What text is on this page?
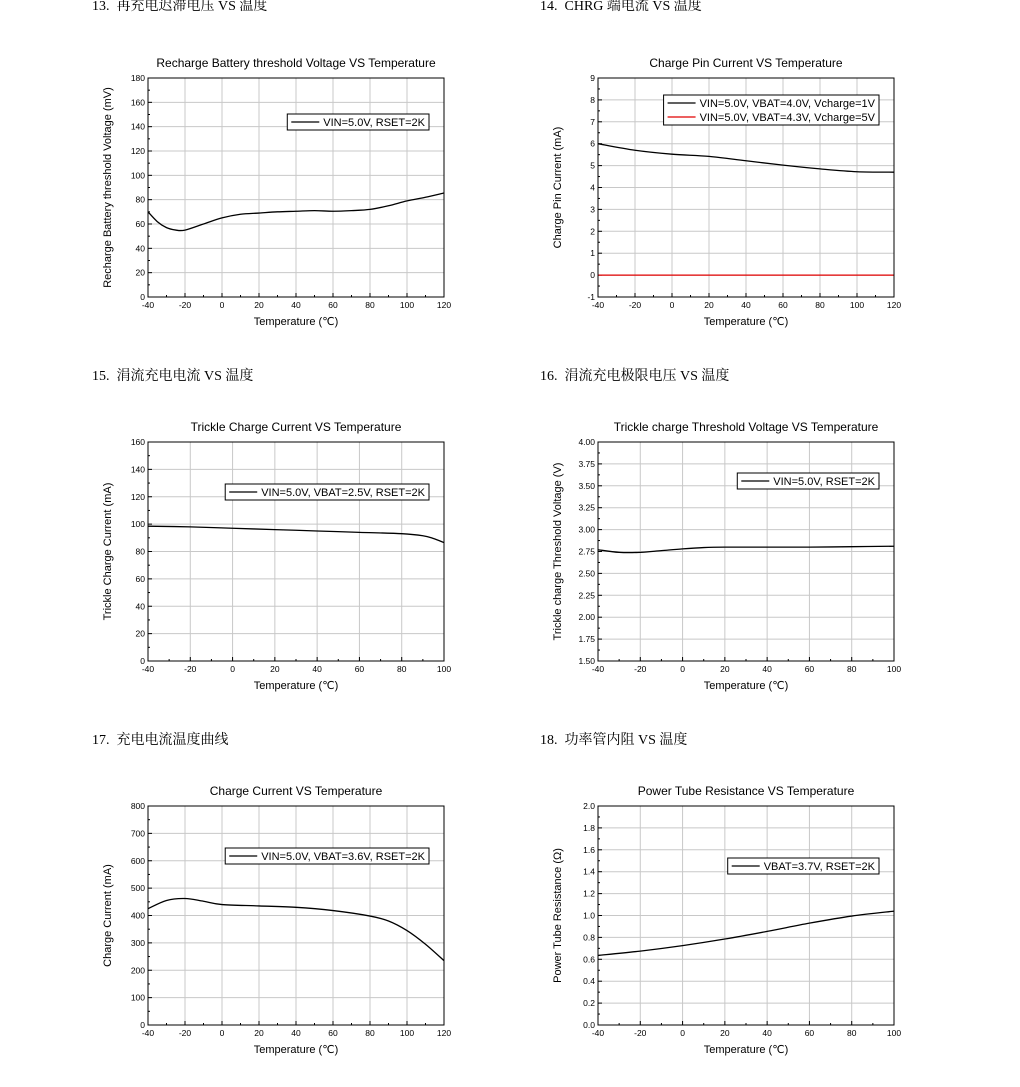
13. 再充电迟滞电压 VS 温度	14. CHRG 端电流 VS 温度
15. 涓流充电电流 VS 温度	16. 涓流充电极限电压 VS 温度
17. 充电电流温度曲线	18. 功率管内阻 VS 温度
Recharge Battery threshold Voltage VS Temperature
-40	-20	0	20	40	60	80	100	120
0
20
40
60
80
100
120
140
160
180
Temperature (℃)
Recharge Battery threshold Voltage (mV)	VIN=5.0V, RSET=2K
Charge Pin Current VS Temperature
-40	-20	0	20	40	60	80	100	120
-1
0
1
2
3
4
5
6
7
8
9
Temperature (℃)
Charge Pin Current (mA)
VIN=5.0V, VBAT=4.0V, Vcharge=1V
VIN=5.0V, VBAT=4.3V, Vcharge=5V
Trickle Charge Current VS Temperature
-40	-20	0	20	40	60	80	100
0
20
40
60
80
100
120
140
160
Temperature (℃)
Trickle Charge Current (mA)	VIN=5.0V, VBAT=2.5V, RSET=2K
Trickle charge Threshold Voltage VS Temperature
-40	-20	0	20	40	60	80	100
1.50
1.75
2.00
2.25
2.50
2.75
3.00
3.25
3.50
3.75
4.00
Temperature (℃)
Trickle charge Threshold Voltage (V)	VIN=5.0V, RSET=2K
Charge Current VS Temperature
-40	-20	0	20	40	60	80	100	120
0
100
200
300
400
500
600
700
800
Temperature (℃)
Charge Current (mA)
VIN=5.0V, VBAT=3.6V, RSET=2K
Power Tube Resistance VS Temperature
-40	-20	0	20	40	60	80	100
0.0
0.2
0.4
0.6
0.8
1.0
1.2
1.4
1.6
1.8
2.0
Temperature (℃)
Power Tube Resistance (Ω)	VBAT=3.7V, RSET=2K
